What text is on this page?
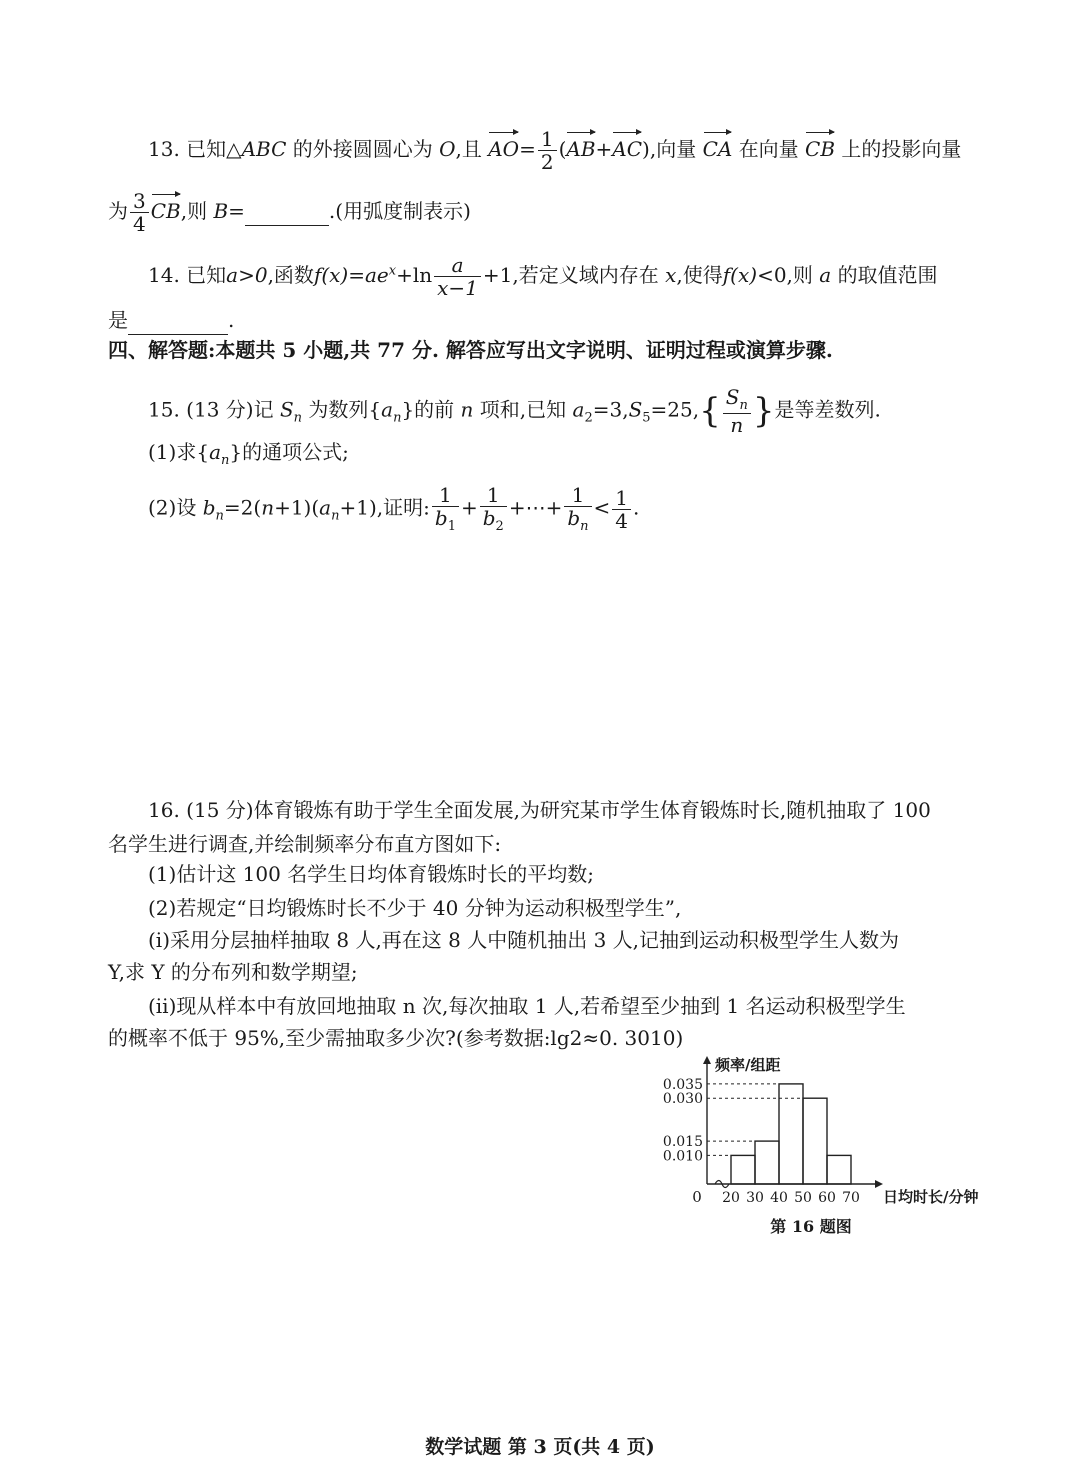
13. 已知△ABC 的外接圆圆心为 O,且 $AO= \frac{1}{2} (AB+AC)$,向量 CA 在向量 CB 上的投影向量
为 $\frac{3}{4}$ CB,则 B=	.(用弧度制表示)
14. 已知a>0,函数$f(x)=ae^x+\ln \frac{a}{x-1} +1$,若定义域内存在 x,使得f(x)<0,则 a 的取值范围
是	.
四、解答题:本题共 5 小题,共 77 分. 解答应写出文字说明、证明过程或演算步骤.
15. (13 分)记 $S_n$ 为数列$\{a_n\}$的前 n 项和,已知 $a_2=3,S_5=25,\{ \frac{S_n}{n}$ }是等差数列.
(1)求$\{a_n\}$的通项公式;
(2)设 $b_n=2(n+1)(a_n+1)$,证明: $\frac{1}{b_1} + \frac{1}{b_2}$ +⋯+ $\frac{1}{b_n} < \frac{1}{4}$ .
16. (15 分)体育锻炼有助于学生全面发展,为研究某市学生体育锻炼时长,随机抽取了 100
名学生进行调查,并绘制频率分布直方图如下:
(1)估计这 100 名学生日均体育锻炼时长的平均数;
(2)若规定“日均锻炼时长不少于 40 分钟为运动积极型学生”,
(ⅰ)采用分层抽样抽取 8 人,再在这 8 人中随机抽出 3 人,记抽到运动积极型学生人数为
Y,求 Y 的分布列和数学期望;
(ⅱ)现从样本中有放回地抽取 n 次,每次抽取 1 人,若希望至少抽到 1 名运动积极型学生
的概率不低于 95%,至少需抽取多少次?(参考数据:lg2≈0. 3010)
0
0.010
0.015
0.030
0.035
20 30 40 50 60 70
频率/组距
日均时长/分钟
第 16 题图
数学试题 第 3 页(共 4 页)
